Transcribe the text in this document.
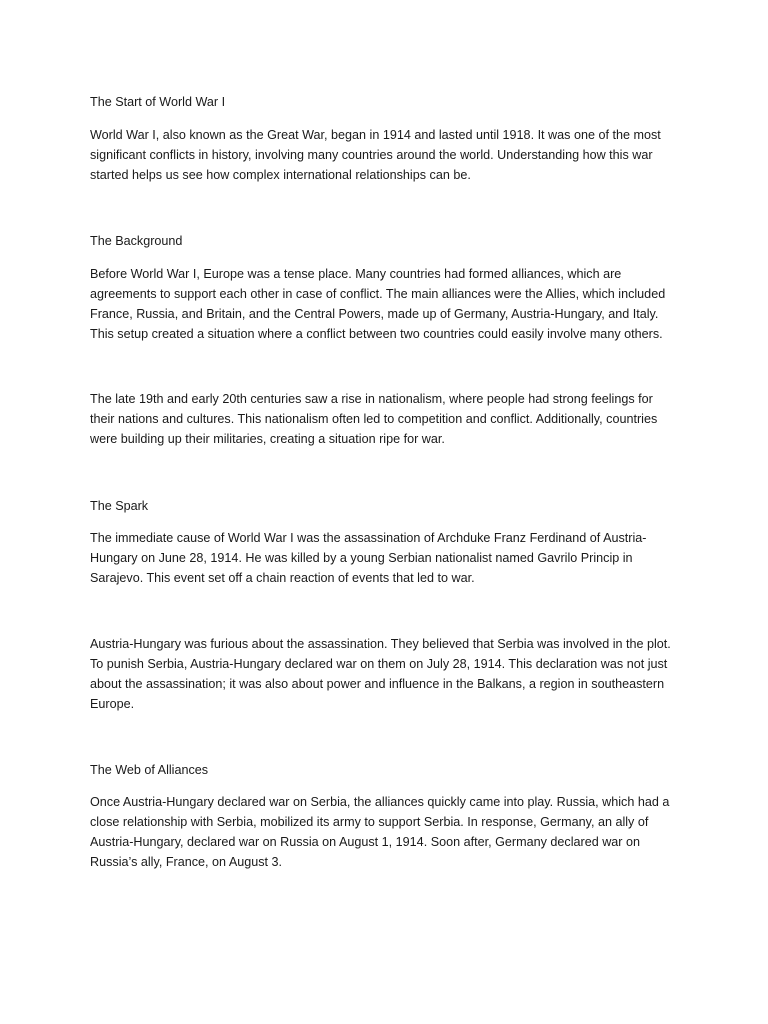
The Start of World War I

World War I, also known as the Great War, began in 1914 and lasted until 1918. It was one of the most significant conflicts in history, involving many countries around the world. Understanding how this war started helps us see how complex international relationships can be.

The Background

Before World War I, Europe was a tense place. Many countries had formed alliances, which are agreements to support each other in case of conflict. The main alliances were the Allies, which included France, Russia, and Britain, and the Central Powers, made up of Germany, Austria-Hungary, and Italy. This setup created a situation where a conflict between two countries could easily involve many others.

The late 19th and early 20th centuries saw a rise in nationalism, where people had strong feelings for their nations and cultures. This nationalism often led to competition and conflict. Additionally, countries were building up their militaries, creating a situation ripe for war.

The Spark

The immediate cause of World War I was the assassination of Archduke Franz Ferdinand of Austria-Hungary on June 28, 1914. He was killed by a young Serbian nationalist named Gavrilo Princip in Sarajevo. This event set off a chain reaction of events that led to war.

Austria-Hungary was furious about the assassination. They believed that Serbia was involved in the plot. To punish Serbia, Austria-Hungary declared war on them on July 28, 1914. This declaration was not just about the assassination; it was also about power and influence in the Balkans, a region in southeastern Europe.

The Web of Alliances

Once Austria-Hungary declared war on Serbia, the alliances quickly came into play. Russia, which had a close relationship with Serbia, mobilized its army to support Serbia. In response, Germany, an ally of Austria-Hungary, declared war on Russia on August 1, 1914. Soon after, Germany declared war on Russia’s ally, France, on August 3.
